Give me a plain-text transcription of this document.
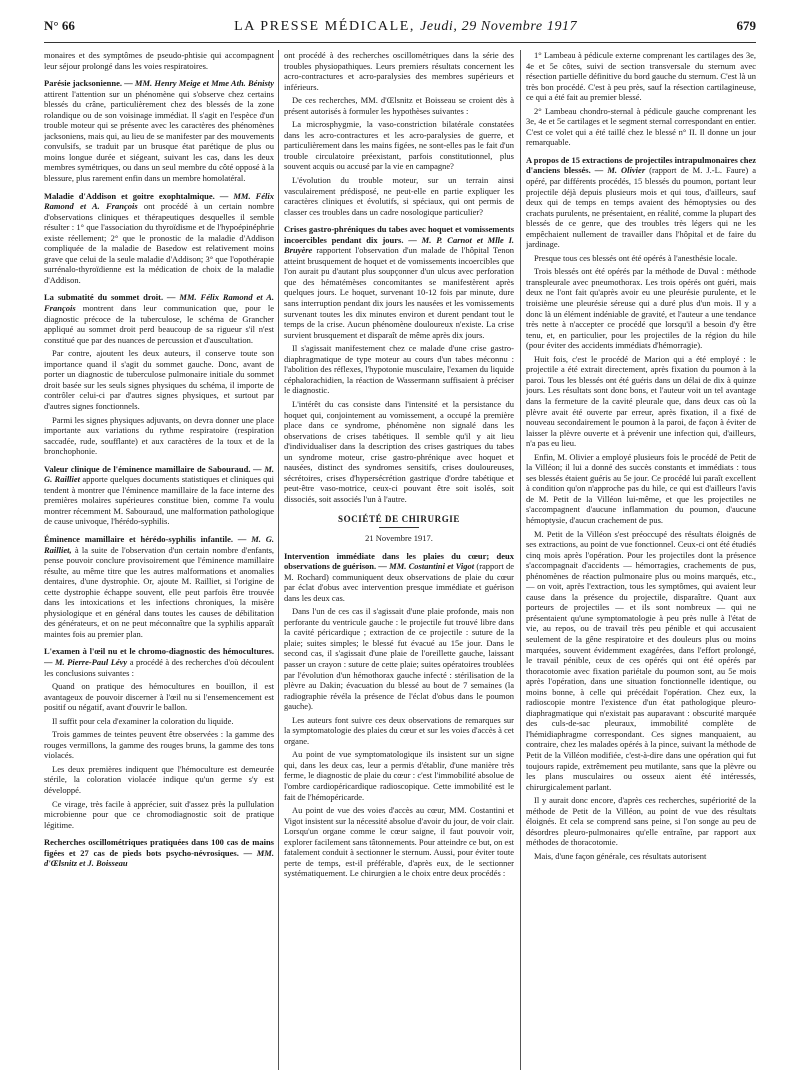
N° 66	LA PRESSE MÉDICALE, Jeudi, 29 Novembre 1917	679

monaires et des symptômes de pseudo-phtisie qui accompagnent leur séjour prolongé dans les voies respiratoires.

Parésie jacksonienne. — MM. Henry Meige et Mme Ath. Bénisty attirent l'attention sur un phénomène qui s'observe chez certains blessés du crâne, particulièrement chez des blessés de la zone rolandique ou de son voisinage immédiat. Il s'agit en l'espèce d'un trouble moteur qui se présente avec les caractères des phénomènes jacksoniens, mais qui, au lieu de se manifester par des mouvements convulsifs, se traduit par un brusque état parétique de plus ou moins longue durée et siégeant, suivant les cas, dans les deux membres symétriques, ou dans un seul membre du côté opposé à la blessure, plus rarement enfin dans un membre homolatéral.

Maladie d'Addison et goitre exophtalmique. — MM. Félix Ramond et A. François ont procédé à un certain nombre d'observations cliniques et thérapeutiques desquelles il semble résulter : 1° que l'association du thyroïdisme et de l'hypoépinéphrie existe réellement; 2° que le pronostic de la maladie d'Addison compliquée de la maladie de Basedow est relativement moins grave que celui de la seule maladie d'Addison; 3° que l'opothérapie surrénalo-thyroïdienne est la médication de choix de la maladie d'Addison.

La submatité du sommet droit. — MM. Félix Ramond et A. François montrent dans leur communication que, pour le diagnostic précoce de la tuberculose, le schéma de Grancher appliqué au sommet droit perd beaucoup de sa rigueur s'il n'est constitué que par des nuances de percussion et d'auscultation.

Par contre, ajoutent les deux auteurs, il conserve toute son importance quand il s'agit du sommet gauche. Donc, avant de porter un diagnostic de tuberculose pulmonaire initiale du sommet droit basée sur les seuls signes physiques du schéma, il importe de contrôler celui-ci par d'autres signes physiques, et surtout par d'autres signes fonctionnels.

Parmi les signes physiques adjuvants, on devra donner une place importante aux variations du rythme respiratoire (respiration saccadée, rude, soufflante) et aux caractères de la toux et de la bronchophonie.

Valeur clinique de l'éminence mamillaire de Sabouraud. — M. G. Railliet apporte quelques documents statistiques et cliniques qui tendent à montrer que l'éminence mamillaire de la face interne des premières molaires supérieures constitue bien, comme l'a voulu montrer récemment M. Sabouraud, une malformation pathologique de cause univoque, l'hérédo-syphilis.

Éminence mamillaire et hérédo-syphilis infantile. — M. G. Railliet, à la suite de l'observation d'un certain nombre d'enfants, pense pouvoir conclure provisoirement que l'éminence mamillaire résulte, au même titre que les autres malformations et anomalies dentaires, d'une dystrophie. Or, ajoute M. Railliet, si l'origine de cette dystrophie échappe souvent, elle peut parfois être trouvée dans les intoxications et les infections chroniques, la misère physiologique et en général dans toutes les causes de débilitation des générateurs, et on ne peut méconnaître que la syphilis apparaît maintes fois au premier plan.

L'examen à l'œil nu et le chromo-diagnostic des hémocultures. — M. Pierre-Paul Lévy a procédé à des recherches d'où découlent les conclusions suivantes :

Quand on pratique des hémocultures en bouillon, il est avantageux de pouvoir discerner à l'œil nu si l'ensemencement est positif ou négatif, avant d'ouvrir le ballon.

Il suffit pour cela d'examiner la coloration du liquide.

Trois gammes de teintes peuvent être observées : la gamme des rouges vermillons, la gamme des rouges bruns, la gamme des tons violacés.

Les deux premières indiquent que l'hémoculture est demeurée stérile, la coloration violacée indique qu'un germe s'y est développé.

Ce virage, très facile à apprécier, suit d'assez près la pullulation microbienne pour que ce chromodiagnostic soit de pratique légitime.

Recherches oscillométriques pratiquées dans 100 cas de mains figées et 27 cas de pieds bots psycho-névrosiques. — MM. d'Œlsnitz et J. Boisseau

ont procédé à des recherches oscillométriques dans la série des troubles physiopathiques. Leurs premiers résultats concernent les acro-contractures et acro-paralysies des membres supérieurs et inférieurs.

De ces recherches, MM. d'Œlsnitz et Boisseau se croient dès à présent autorisés à formuler les hypothèses suivantes :

La microsphygmie, la vaso-constriction bilatérale constatées dans les acro-contractures et les acro-paralysies de guerre, et particulièrement dans les mains figées, ne sont-elles pas le fait d'un trouble circulatoire préexistant, parfois constitutionnel, plus souvent acquis ou accusé par la vie en campagne?

L'évolution du trouble moteur, sur un terrain ainsi vasculairement prédisposé, ne peut-elle en partie expliquer les caractères cliniques et évolutifs, si spéciaux, qui ont permis de classer ces troubles dans un cadre nosologique particulier?

Crises gastro-phréniques du tabes avec hoquet et vomissements incoercibles pendant dix jours. — M. P. Carnot et Mlle I. Bruyère rapportent l'observation d'un malade de l'hôpital Tenon atteint brusquement de hoquet et de vomissements incoercibles que l'on aurait pu d'autant plus soupçonner d'un ulcus avec perforation que des hématémèses concomitantes se manifestèrent après quelques jours. Le hoquet, survenant 10-12 fois par minute, dure sans interruption pendant dix jours les nausées et les vomissements survenant toutes les dix minutes environ et durent pendant tout le temps de la crise. Aucun phénomène douloureux n'existe. La crise survient brusquement et disparaît de même après dix jours.

Il s'agissait manifestement chez ce malade d'une crise gastro-diaphragmatique de type moteur au cours d'un tabes méconnu : l'abolition des réflexes, l'hypotonie musculaire, l'examen du liquide céphalorachidien, la réaction de Wassermann suffisaient à préciser le diagnostic.

L'intérêt du cas consiste dans l'intensité et la persistance du hoquet qui, conjointement au vomissement, a occupé la première place dans ce syndrome, phénomène non signalé dans les observations de crises tabétiques. Il semble qu'il y ait lieu d'individualiser dans la description des crises gastriques du tabes un syndrome moteur, crise gastro-phrénique avec hoquet et nausées, distinct des syndromes sensitifs, crises douloureuses, sécrétoires, crises d'hypersécrétion gastrique d'ordre tabétique et peut-être vaso-motrice, ceux-ci pouvant être soit isolés, soit dissociés, soit associés l'un à l'autre.

SOCIÉTÉ DE CHIRURGIE
21 Novembre 1917.

Intervention immédiate dans les plaies du cœur; deux observations de guérison. — MM. Costantini et Vigot (rapport de M. Rochard) communiquent deux observations de plaie du cœur par éclat d'obus avec intervention presque immédiate et guérison dans les deux cas.

Dans l'un de ces cas il s'agissait d'une plaie profonde, mais non perforante du ventricule gauche : le projectile fut trouvé libre dans la cavité péricardique ; extraction de ce projectile : suture de la plaie; suites simples; le blessé fut évacué au 15e jour. Dans le second cas, il s'agissait d'une plaie de l'oreillette gauche, laissant passer un crayon : suture de cette plaie; suites opératoires troublées par l'évolution d'un hémothorax gauche infecté : stérilisation de la plèvre au Dakin; évacuation du blessé au bout de 7 semaines (la radiographie révéla la présence de l'éclat d'obus dans le poumon gauche).

Les auteurs font suivre ces deux observations de remarques sur la symptomatologie des plaies du cœur et sur les voies d'accès à cet organe.

Au point de vue symptomatologique ils insistent sur un signe qui, dans les deux cas, leur a permis d'établir, d'une manière très ferme, le diagnostic de plaie du cœur : c'est l'immobilité absolue de l'ombre cardiopéricardique radioscopique. Cette immobilité est le fait de l'hémopéricarde.

Au point de vue des voies d'accès au cœur, MM. Costantini et Vigot insistent sur la nécessité absolue d'avoir du jour, de voir clair. Lorsqu'un organe comme le cœur saigne, il faut pouvoir voir, explorer facilement sans tâtonnements. Pour atteindre ce but, on est fatalement conduit à sectionner le sternum. Aussi, pour éviter toute perte de temps, est-il préférable, d'après eux, de le sectionner systématiquement. Le chirurgien a le choix entre deux procédés :

1° Lambeau à pédicule externe comprenant les cartilages des 3e, 4e et 5e côtes, suivi de section transversale du sternum avec résection partielle définitive du bord gauche du sternum. C'est là un très bon procédé. C'est à peu près, sauf la résection cartilagineuse, ce qui a été fait au premier blessé.

2° Lambeau chondro-sternal à pédicule gauche comprenant les 3e, 4e et 5e cartilages et le segment sternal correspondant en entier. C'est ce volet qui a été taillé chez le blessé n° II. Il donne un jour remarquable.

A propos de 15 extractions de projectiles intrapulmonaires chez d'anciens blessés. — M. Olivier (rapport de M. J.-L. Faure) a opéré, par différents procédés, 15 blessés du poumon, portant leur projectile déjà depuis plusieurs mois et qui tous, d'ailleurs, sauf deux qui de temps en temps avaient des hémoptysies ou des crachats purulents, ne présentaient, en réalité, comme la plupart des blessés de ce genre, que des troubles très légers qui ne les empêchaient nullement de travailler dans l'hôpital et de faire du jardinage.

Presque tous ces blessés ont été opérés à l'anesthésie locale.

Trois blessés ont été opérés par la méthode de Duval : méthode transpleurale avec pneumothorax. Les trois opérés ont guéri, mais deux ne l'ont fait qu'après avoir eu une pleurésie purulente, et le troisième une pleurésie séreuse qui a duré plus d'un mois. Il y a donc là un élément indéniable de gravité, et l'auteur a une tendance très nette à n'accepter ce procédé que lorsqu'il a besoin d'y être tenu, et, en particulier, pour les projectiles de la région du hile (pour éviter des accidents immédiats d'hémorragie).

Huit fois, c'est le procédé de Marion qui a été employé : le projectile a été extrait directement, après fixation du poumon à la paroi. Tous les blessés ont été guéris dans un délai de dix à quinze jours. Les résultats sont donc bons, et l'auteur voit un tel avantage dans la fermeture de la cavité pleurale que, dans deux cas où la plèvre avait été ouverte par erreur, après fixation, il a fixé de nouveau secondairement le poumon à la paroi, de façon à éviter de laisser la plèvre ouverte et à prévenir une infection qui, d'ailleurs, n'a pas eu lieu.

Enfin, M. Olivier a employé plusieurs fois le procédé de Petit de la Villéon; il lui a donné des succès constants et immédiats : tous ses blessés étaient guéris au 5e jour. Ce procédé lui paraît excellent à condition qu'on n'approche pas du hile, ce qui est d'ailleurs l'avis de M. Petit de la Villéon lui-même, et que les projectiles ne s'accompagnent d'aucune inflammation du poumon, d'aucune hémoptysie, d'aucun crachement de pus.

M. Petit de la Villéon s'est préoccupé des résultats éloignés de ses extractions, au point de vue fonctionnel. Ceux-ci ont été étudiés cinq mois après l'opération. Pour les projectiles dont la présence s'accompagnait d'accidents — hémorragies, crachements de pus, phénomènes de réaction pulmonaire plus ou moins marqués, etc., — on voit, après l'extraction, tous les symptômes, qui avaient leur cause dans la présence du projectile, disparaître. Quant aux porteurs de projectiles — et ils sont nombreux — qui ne présentaient qu'une symptomatologie à peu près nulle à l'état de vie, au repos, ou de travail très peu pénible et qui accusaient seulement de la gêne respiratoire et des douleurs plus ou moins marquées, souvent évidemment exagérées, dans l'effort prolongé, le travail pénible, ceux de ces opérés qui ont été opérés par thoracotomie avec fixation pariétale du poumon sont, au 5e mois après l'opération, dans une situation fonctionnelle identique, ou moins bonne, à celle qui précédait l'opération. Chez eux, la radioscopie montre l'existence d'un état pathologique pleuro-diaphragmatique qui n'existait pas auparavant : obscurité marquée des culs-de-sac pleuraux, immobilité complète de l'hémidiaphragme correspondant. Ces signes manquaient, au contraire, chez les malades opérés à la pince, suivant la méthode de Petit de la Villéon modifiée, c'est-à-dire dans une opération qui fut toujours rapide, extrêmement peu mutilante, sans que la plèvre ou les plans musculaires ou osseux aient été intéressés, chirurgicalement parlant.

Il y aurait donc encore, d'après ces recherches, supériorité de la méthode de Petit de la Villéon, au point de vue des résultats éloignés. Et cela se comprend sans peine, si l'on songe au peu de désordres pleuro-pulmonaires qu'elle entraîne, par rapport aux méthodes de thoracotomie.

Mais, d'une façon générale, ces résultats autorisent
